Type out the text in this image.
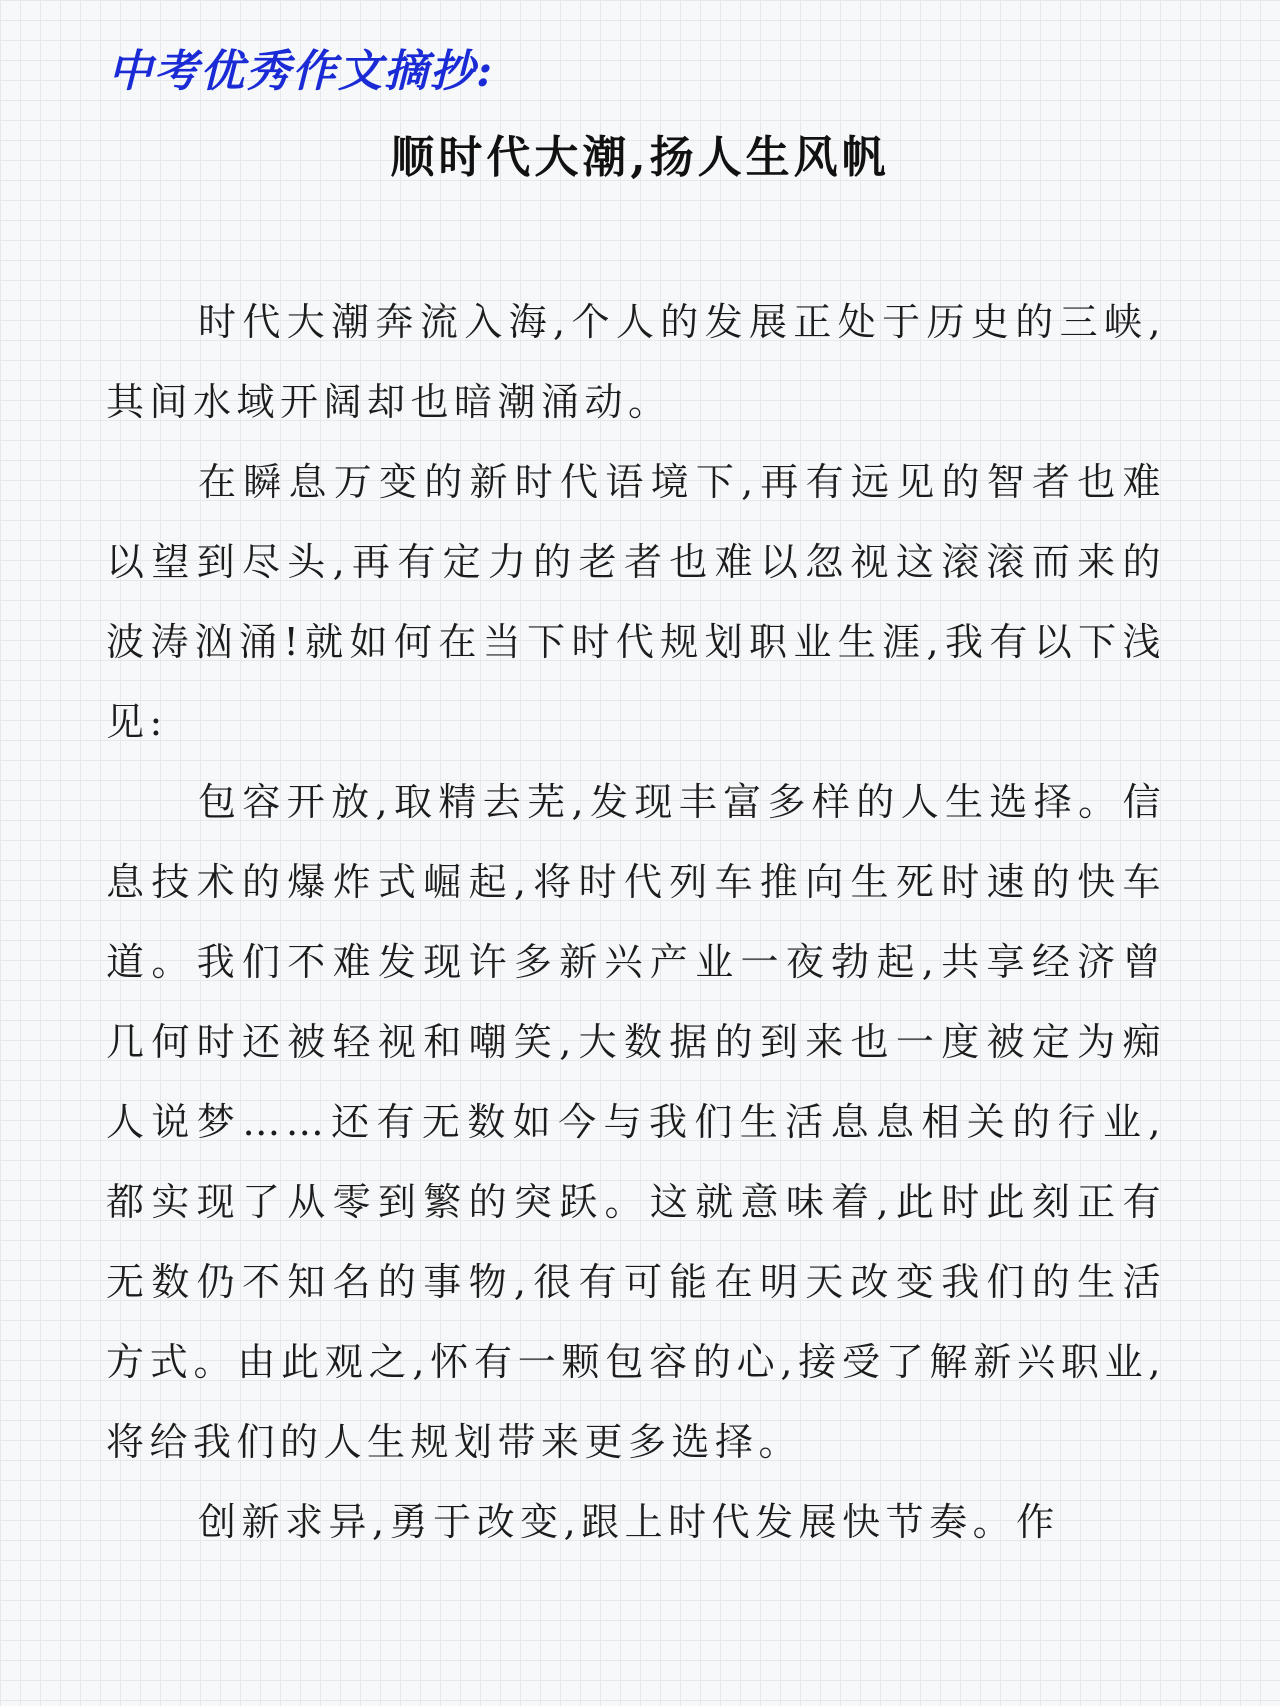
中考优秀作文摘抄:
顺时代大潮,扬人生风帆

时代大潮奔流入海,个人的发展正处于历史的三峡,其间水域开阔却也暗潮涌动。

在瞬息万变的新时代语境下,再有远见的智者也难以望到尽头,再有定力的老者也难以忽视这滚滚而来的波涛汹涌!就如何在当下时代规划职业生涯,我有以下浅见:

包容开放,取精去芜,发现丰富多样的人生选择。信息技术的爆炸式崛起,将时代列车推向生死时速的快车道。我们不难发现许多新兴产业一夜勃起,共享经济曾几何时还被轻视和嘲笑,大数据的到来也一度被定为痴人说梦……还有无数如今与我们生活息息相关的行业,都实现了从零到繁的突跃。这就意味着,此时此刻正有无数仍不知名的事物,很有可能在明天改变我们的生活方式。由此观之,怀有一颗包容的心,接受了解新兴职业,将给我们的人生规划带来更多选择。

创新求异,勇于改变,跟上时代发展快节奏。作
